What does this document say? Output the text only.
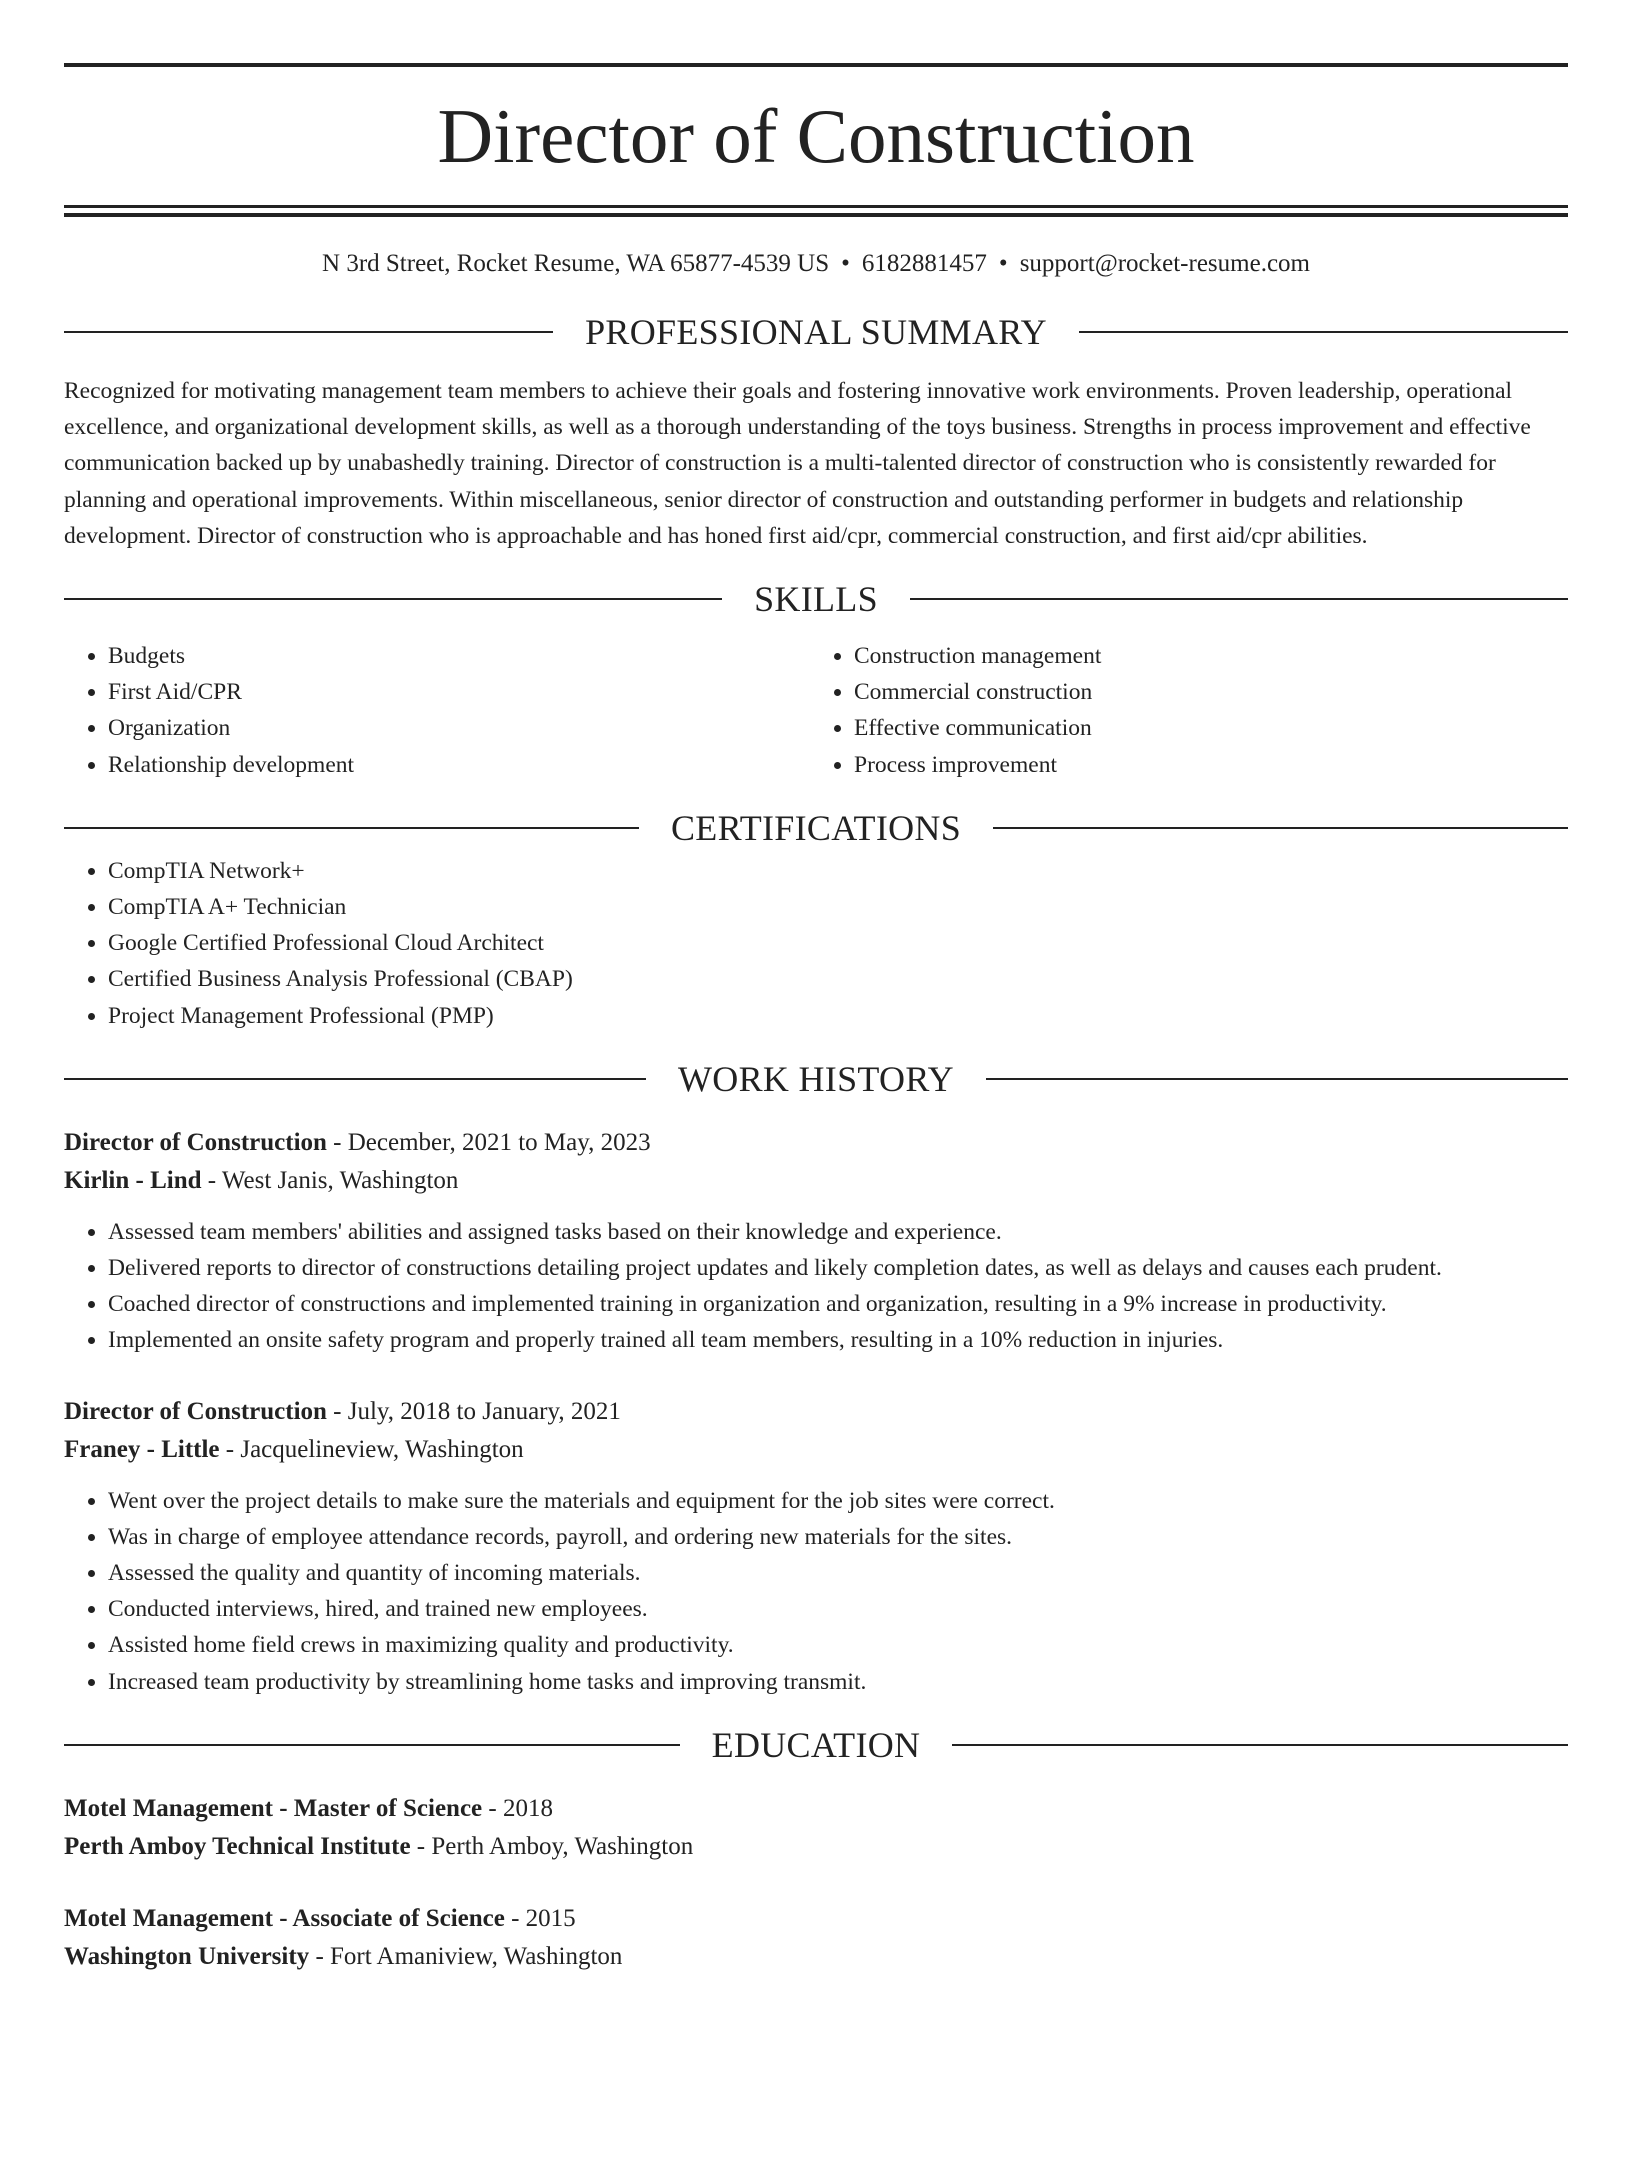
Director of Construction
N 3rd Street, Rocket Resume, WA 65877-4539 US • 6182881457 • support@rocket-resume.com
PROFESSIONAL SUMMARY
Recognized for motivating management team members to achieve their goals and fostering innovative work environments. Proven leadership, operational excellence, and organizational development skills, as well as a thorough understanding of the toys business. Strengths in process improvement and effective communication backed up by unabashedly training. Director of construction is a multi-talented director of construction who is consistently rewarded for planning and operational improvements. Within miscellaneous, senior director of construction and outstanding performer in budgets and relationship development. Director of construction who is approachable and has honed first aid/cpr, commercial construction, and first aid/cpr abilities.
SKILLS
• Budgets
• First Aid/CPR
• Organization
• Relationship development
• Construction management
• Commercial construction
• Effective communication
• Process improvement
CERTIFICATIONS
• CompTIA Network+
• CompTIA A+ Technician
• Google Certified Professional Cloud Architect
• Certified Business Analysis Professional (CBAP)
• Project Management Professional (PMP)
WORK HISTORY
Director of Construction - December, 2021 to May, 2023
Kirlin - Lind - West Janis, Washington
• Assessed team members' abilities and assigned tasks based on their knowledge and experience.
• Delivered reports to director of constructions detailing project updates and likely completion dates, as well as delays and causes each prudent.
• Coached director of constructions and implemented training in organization and organization, resulting in a 9% increase in productivity.
• Implemented an onsite safety program and properly trained all team members, resulting in a 10% reduction in injuries.
Director of Construction - July, 2018 to January, 2021
Franey - Little - Jacquelineview, Washington
• Went over the project details to make sure the materials and equipment for the job sites were correct.
• Was in charge of employee attendance records, payroll, and ordering new materials for the sites.
• Assessed the quality and quantity of incoming materials.
• Conducted interviews, hired, and trained new employees.
• Assisted home field crews in maximizing quality and productivity.
• Increased team productivity by streamlining home tasks and improving transmit.
EDUCATION
Motel Management - Master of Science - 2018
Perth Amboy Technical Institute - Perth Amboy, Washington
Motel Management - Associate of Science - 2015
Washington University - Fort Amaniview, Washington
